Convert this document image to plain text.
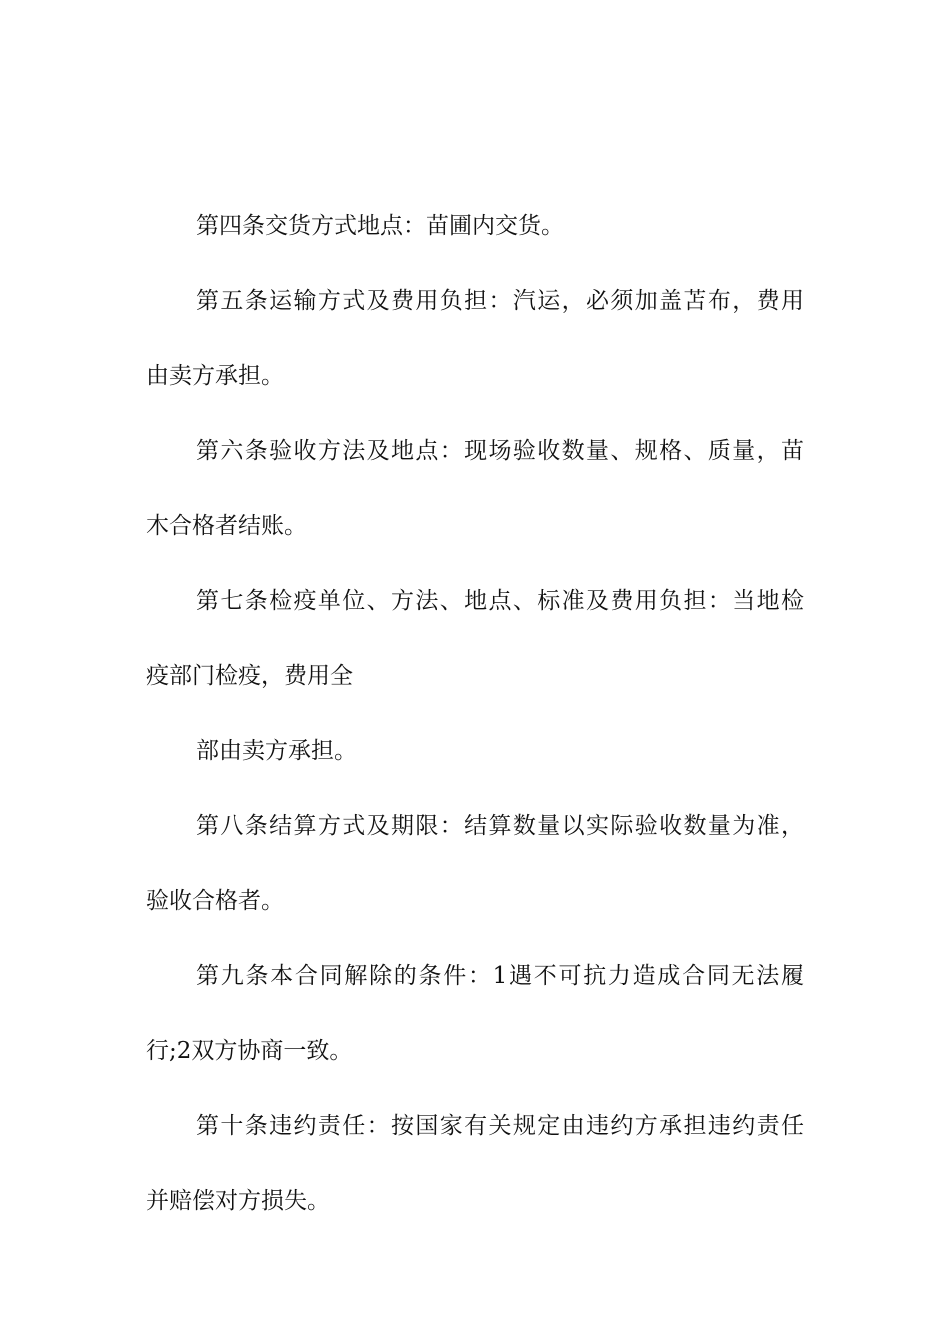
第四条交货方式地点：苗圃内交货。
第五条运输方式及费用负担：汽运，必须加盖苫布，费用
由卖方承担。
第六条验收方法及地点：现场验收数量、规格、质量，苗
木合格者结账。
第七条检疫单位、方法、地点、标准及费用负担：当地检
疫部门检疫，费用全
部由卖方承担。
第八条结算方式及期限：结算数量以实际验收数量为准，
验收合格者。
第九条本合同解除的条件：1遇不可抗力造成合同无法履
行;2双方协商一致。
第十条违约责任：按国家有关规定由违约方承担违约责任
并赔偿对方损失。
